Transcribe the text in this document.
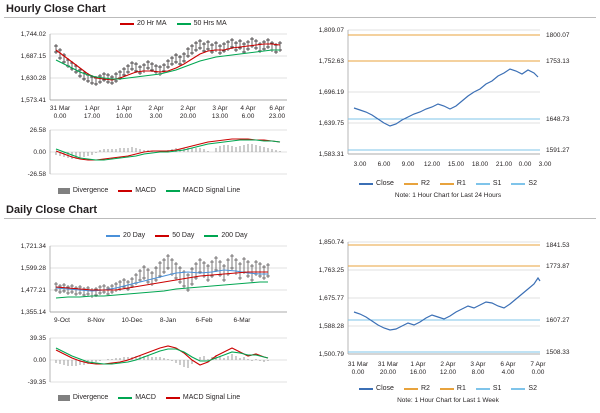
Hourly Close Chart
20 Hr MA	50 Hrs MA
1,744.02
1,687.15
1,630.28
1,573.41
31 Mar
0.00
1 Apr
17.00
1 Apr
10.00
2 Apr
3.00
2 Apr
20.00
3 Apr
13.00
4 Apr
6.00
6 Apr
23.00
26.58
0.00
-26.58
Divergence	MACD	MACD Signal Line
1,809.07
1,752.63
1,696.19
1,639.75
1,583.31
1800.07
1753.13
1648.73
1591.27
3.00 6.00 9.00 12.00 15.00 18.00 21.00 0.00 3.00
Close	R2	R1	S1	S2
Note: 1 Hour Chart for Last 24 Hours
Daily Close Chart
20 Day	50 Day	200 Day
1,721.34
1,599.28
1,477.21
1,355.14
9-Oct	8-Nov	10-Dec	8-Jan	6-Feb	6-Mar
39.35
0.00
-39.35
Divergence	MACD	MACD Signal Line
1,850.74
1,763.25
1,675.77
1,588.28
1,500.79
1841.53
1773.87
1607.27
1508.33
31 Mar
0.00
31 Mar
20.00
1 Apr
16.00
2 Apr
12.00
3 Apr
8.00
6 Apr
4.00
7 Apr
0.00
Close	R2	R1	S1	S2
Note: 1 Hour Chart for Last 1 Week
